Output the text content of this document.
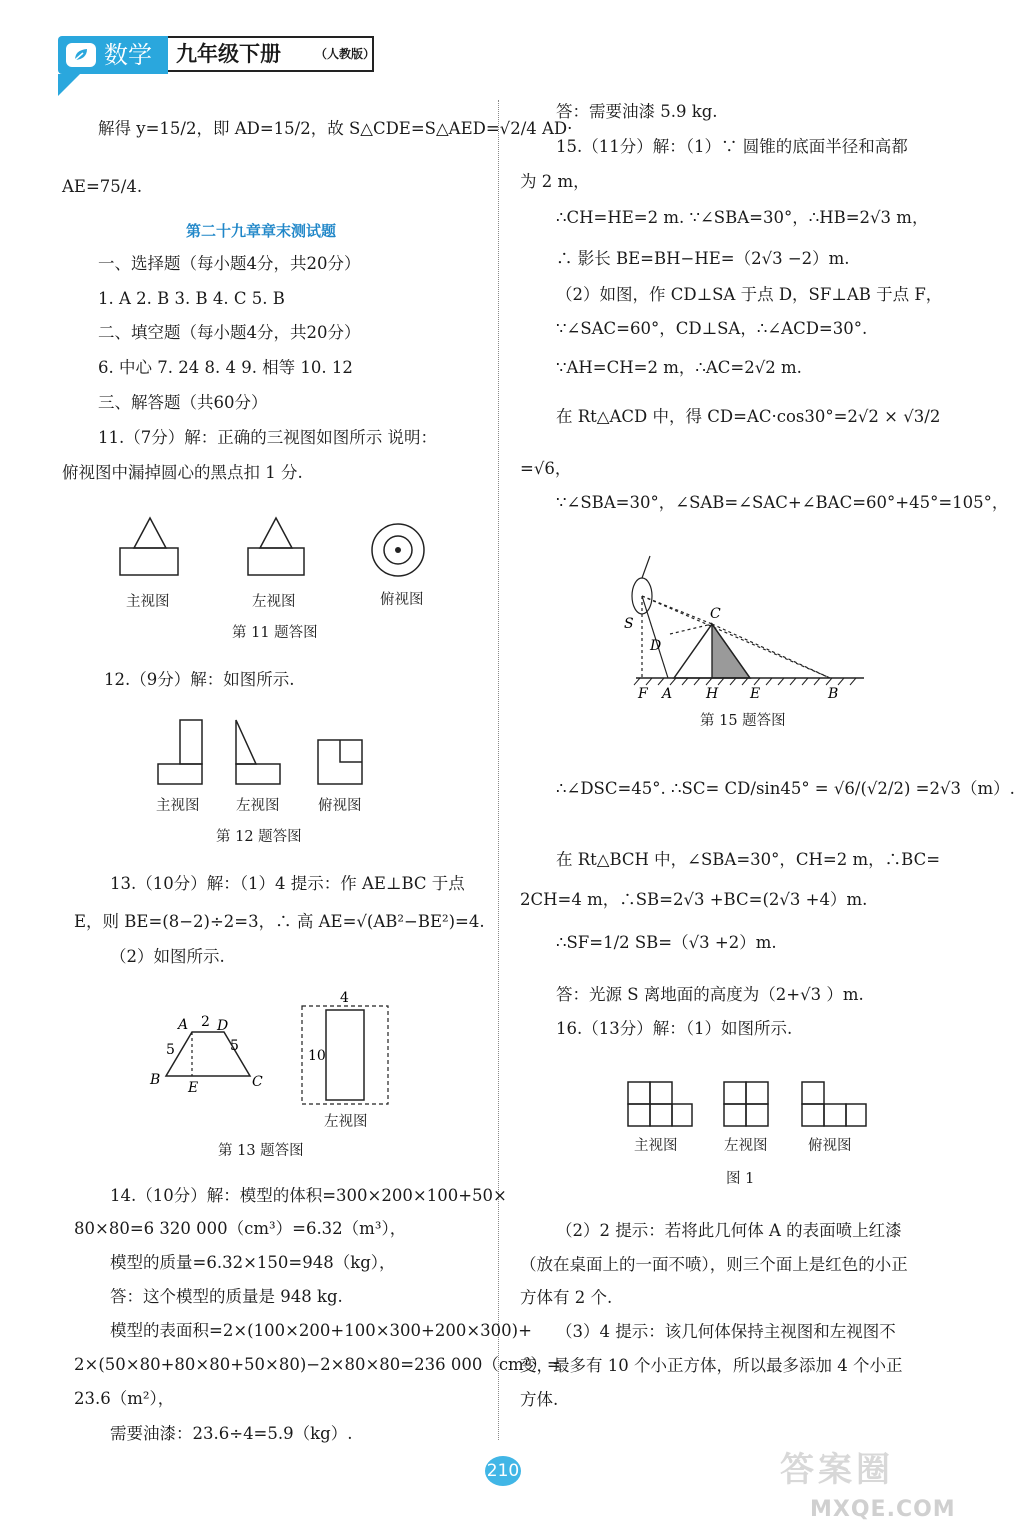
数学 九年级下册	（人教版）
解得 y=15/2，即 AD=15/2，故 S△CDE=S△AED=√2/4 AD·
AE=75/4.
第二十九章章末测试题
一、选择题（每小题4分，共20分）
1. A 2. B 3. B 4. C 5. B
二、填空题（每小题4分，共20分）
6. 中心 7. 24 8. 4 9. 相等 10. 12
三、解答题（共60分）
11.（7分）解：正确的三视图如图所示 说明：
俯视图中漏掉圆心的黑点扣 1 分.
主视图	左视图	俯视图
第 11 题答图
12.（9分）解：如图所示.
主视图	左视图	俯视图
第 12 题答图
13.（10分）解：（1）4 提示：作 AE⊥BC 于点
E，则 BE=(8−2)÷2=3，∴ 高 AE=√(AB²−BE²)=4.
（2）如图所示.
A 2 D
5	5
B E	C
4
10
左视图
第 13 题答图
14.（10分）解：模型的体积=300×200×100+50×
80×80=6 320 000（cm³）=6.32（m³），
模型的质量=6.32×150=948（kg），
答：这个模型的质量是 948 kg.
模型的表面积=2×(100×200+100×300+200×300)+
2×(50×80+80×80+50×80)−2×80×80=236 000（cm²）=
23.6（m²），
需要油漆：23.6÷4=5.9（kg）.
答：需要油漆 5.9 kg.
15.（11分）解：（1）∵ 圆锥的底面半径和高都
为 2 m，
∴CH=HE=2 m. ∵∠SBA=30°，∴HB=2√3 m，
∴ 影长 BE=BH−HE=（2√3 −2）m.
（2）如图，作 CD⊥SA 于点 D，SF⊥AB 于点 F，
∵∠SAC=60°，CD⊥SA，∴∠ACD=30°.
∵AH=CH=2 m，∴AC=2√2 m.
在 Rt△ACD 中，得 CD=AC·cos30°=2√2 × √3/2
=√6，
∵∠SBA=30°，∠SAB=∠SAC+∠BAC=60°+45°=105°，
S
C
D
F A H E	B
第 15 题答图
∴∠DSC=45°. ∴SC= CD/sin45° = √6/(√2/2) =2√3（m）.
在 Rt△BCH 中，∠SBA=30°，CH=2 m，∴BC=
2CH=4 m，∴SB=2√3 +BC=(2√3 +4）m.
∴SF=1/2 SB=（√3 +2）m.
答：光源 S 离地面的高度为（2+√3 ）m.
16.（13分）解：（1）如图所示.
主视图	左视图	俯视图
图 1
（2）2 提示：若将此几何体 A 的表面喷上红漆
（放在桌面上的一面不喷），则三个面上是红色的小正
方体有 2 个.
（3）4 提示：该几何体保持主视图和左视图不
变，最多有 10 个小正方体，所以最多添加 4 个小正
方体.
210	答案圈
MXQE.COM
